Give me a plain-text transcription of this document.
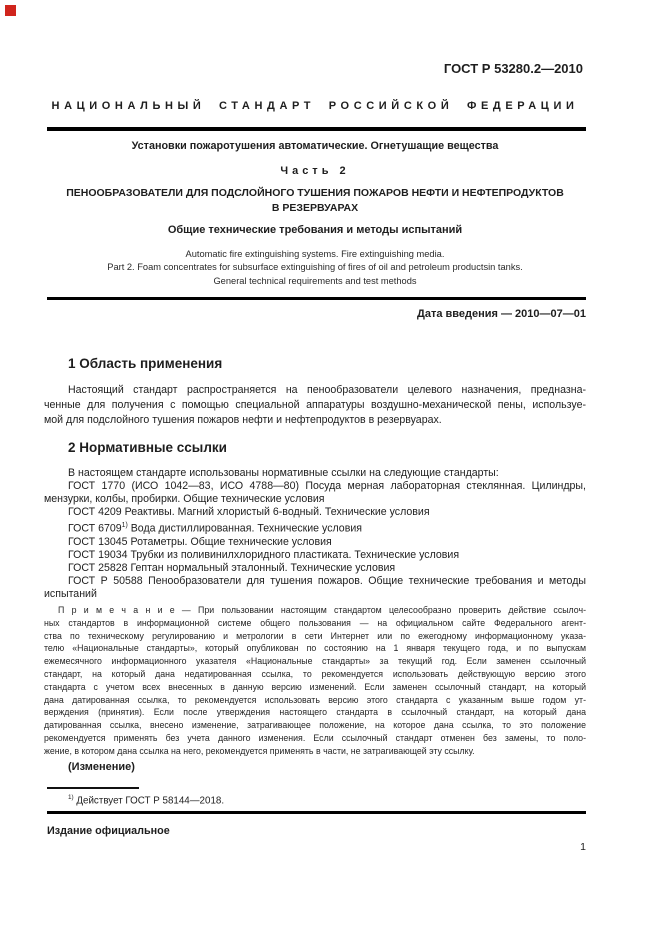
ГОСТ Р 53280.2—2010
НАЦИОНАЛЬНЫЙ СТАНДАРТ РОССИЙСКОЙ ФЕДЕРАЦИИ
Установки пожаротушения автоматические. Огнетушащие вещества
Часть 2
ПЕНООБРАЗОВАТЕЛИ ДЛЯ ПОДСЛОЙНОГО ТУШЕНИЯ ПОЖАРОВ НЕФТИ И НЕФТЕПРОДУКТОВ
В РЕЗЕРВУАРАХ
Общие технические требования и методы испытаний
Automatic fire extinguishing systems. Fire extinguishing media.
Part 2. Foam concentrates for subsurface extinguishing of fires of oil and petroleum productsin tanks.
General technical requirements and test methods
Дата введения — 2010—07—01
1 Область применения
Настоящий стандарт распространяется на пенообразователи целевого назначения, предназна-
ченные для получения с помощью специальной аппаратуры воздушно-механической пены, используе-
мой для подслойного тушения пожаров нефти и нефтепродуктов в резервуарах.
2 Нормативные ссылки
В настоящем стандарте использованы нормативные ссылки на следующие стандарты:
ГОСТ 1770 (ИСО 1042—83, ИСО 4788—80) Посуда мерная лабораторная стеклянная. Цилиндры,
мензурки, колбы, пробирки. Общие технические условия
ГОСТ 4209 Реактивы. Магний хлористый 6-водный. Технические условия
ГОСТ 6709$^{1)}$ Вода дистиллированная. Технические условия
ГОСТ 13045 Ротаметры. Общие технические условия
ГОСТ 19034 Трубки из поливинилхлоридного пластиката. Технические условия
ГОСТ 25828 Гептан нормальный эталонный. Технические условия
ГОСТ Р 50588 Пенообразователи для тушения пожаров. Общие технические требования и методы
испытаний
П р и м е ч а н и е — При пользовании настоящим стандартом целесообразно проверить действие ссылоч-
ных стандартов в информационной системе общего пользования — на официальном сайте Федерального агент-
ства по техническому регулированию и метрологии в сети Интернет или по ежегодному информационному указа-
телю «Национальные стандарты», который опубликован по состоянию на 1 января текущего года, и по выпускам
ежемесячного информационного указателя «Национальные стандарты» за текущий год. Если заменен ссылочный
стандарт, на который дана недатированная ссылка, то рекомендуется использовать действующую версию этого
стандарта с учетом всех внесенных в данную версию изменений. Если заменен ссылочный стандарт, на который
дана датированная ссылка, то рекомендуется использовать версию этого стандарта с указанным выше годом ут-
верждения (принятия). Если после утверждения настоящего стандарта в ссылочный стандарт, на который дана
датированная ссылка, внесено изменение, затрагивающее положение, на которое дана ссылка, то это положение
рекомендуется применять без учета данного изменения. Если ссылочный стандарт отменен без замены, то поло-
жение, в котором дана ссылка на него, рекомендуется применять в части, не затрагивающей эту ссылку.
(Изменение)
$^{1)}$ Действует ГОСТ Р 58144—2018.
Издание официальное
1
